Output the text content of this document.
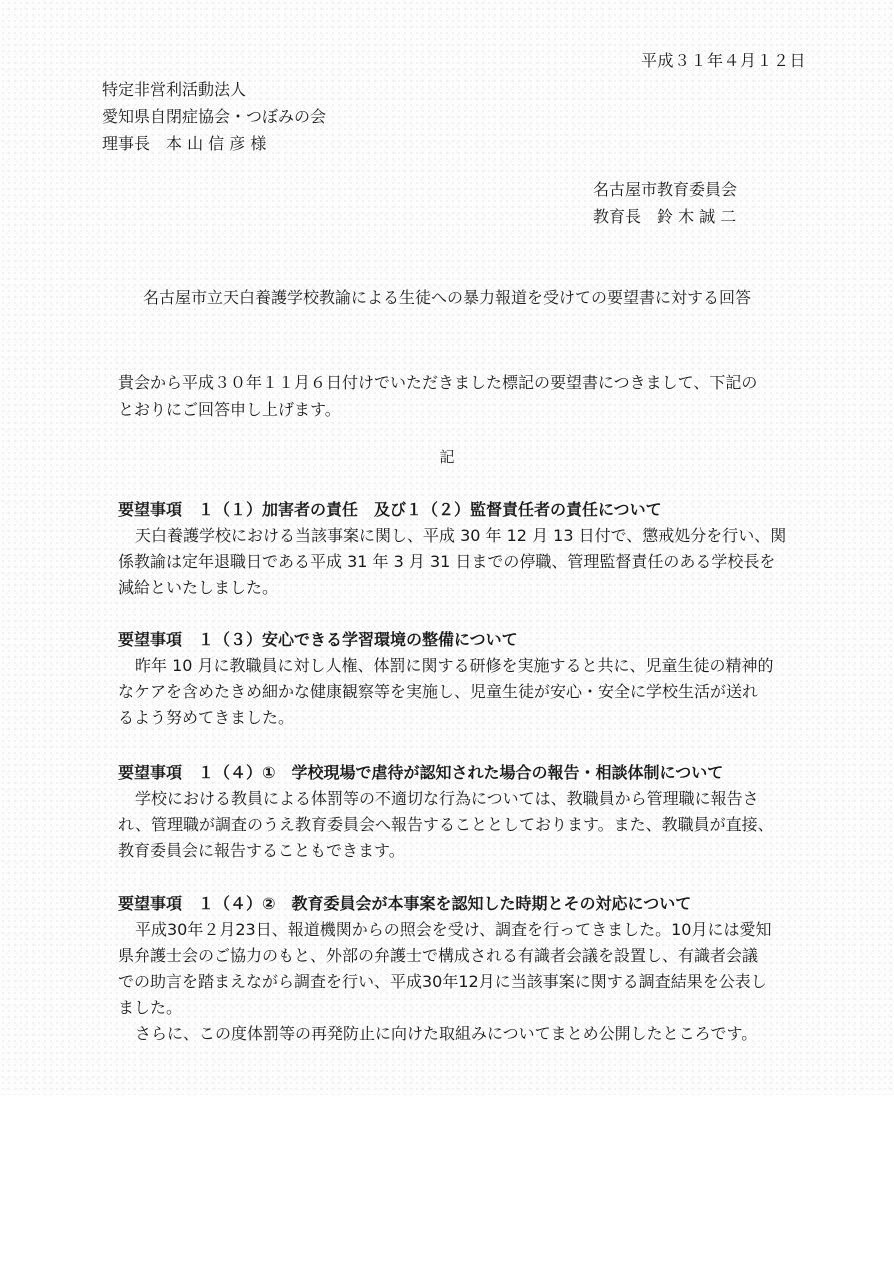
平成３１年４月１２日
特定非営利活動法人
愛知県自閉症協会・つぼみの会
理事長　本 山 信 彦 様
名古屋市教育委員会
教育長　鈴 木 誠 二
名古屋市立天白養護学校教諭による生徒への暴力報道を受けての要望書に対する回答
貴会から平成３０年１１月６日付けでいただきました標記の要望書につきまして、下記の
とおりにご回答申し上げます。
記
要望事項　１（１）加害者の責任　及び１（２）監督責任者の責任について
天白養護学校における当該事案に関し、平成 30 年 12 月 13 日付で、懲戒処分を行い、関
係教諭は定年退職日である平成 31 年 3 月 31 日までの停職、管理監督責任のある学校長を
減給といたしました。
要望事項　１（３）安心できる学習環境の整備について
昨年 10 月に教職員に対し人権、体罰に関する研修を実施すると共に、児童生徒の精神的
なケアを含めたきめ細かな健康観察等を実施し、児童生徒が安心・安全に学校生活が送れ
るよう努めてきました。
要望事項　１（４）①　学校現場で虐待が認知された場合の報告・相談体制について
学校における教員による体罰等の不適切な行為については、教職員から管理職に報告さ
れ、管理職が調査のうえ教育委員会へ報告することとしております。また、教職員が直接、
教育委員会に報告することもできます。
要望事項　１（４）②　教育委員会が本事案を認知した時期とその対応について
平成30年２月23日、報道機関からの照会を受け、調査を行ってきました。10月には愛知
県弁護士会のご協力のもと、外部の弁護士で構成される有識者会議を設置し、有識者会議
での助言を踏まえながら調査を行い、平成30年12月に当該事案に関する調査結果を公表し
ました。
さらに、この度体罰等の再発防止に向けた取組みについてまとめ公開したところです。
